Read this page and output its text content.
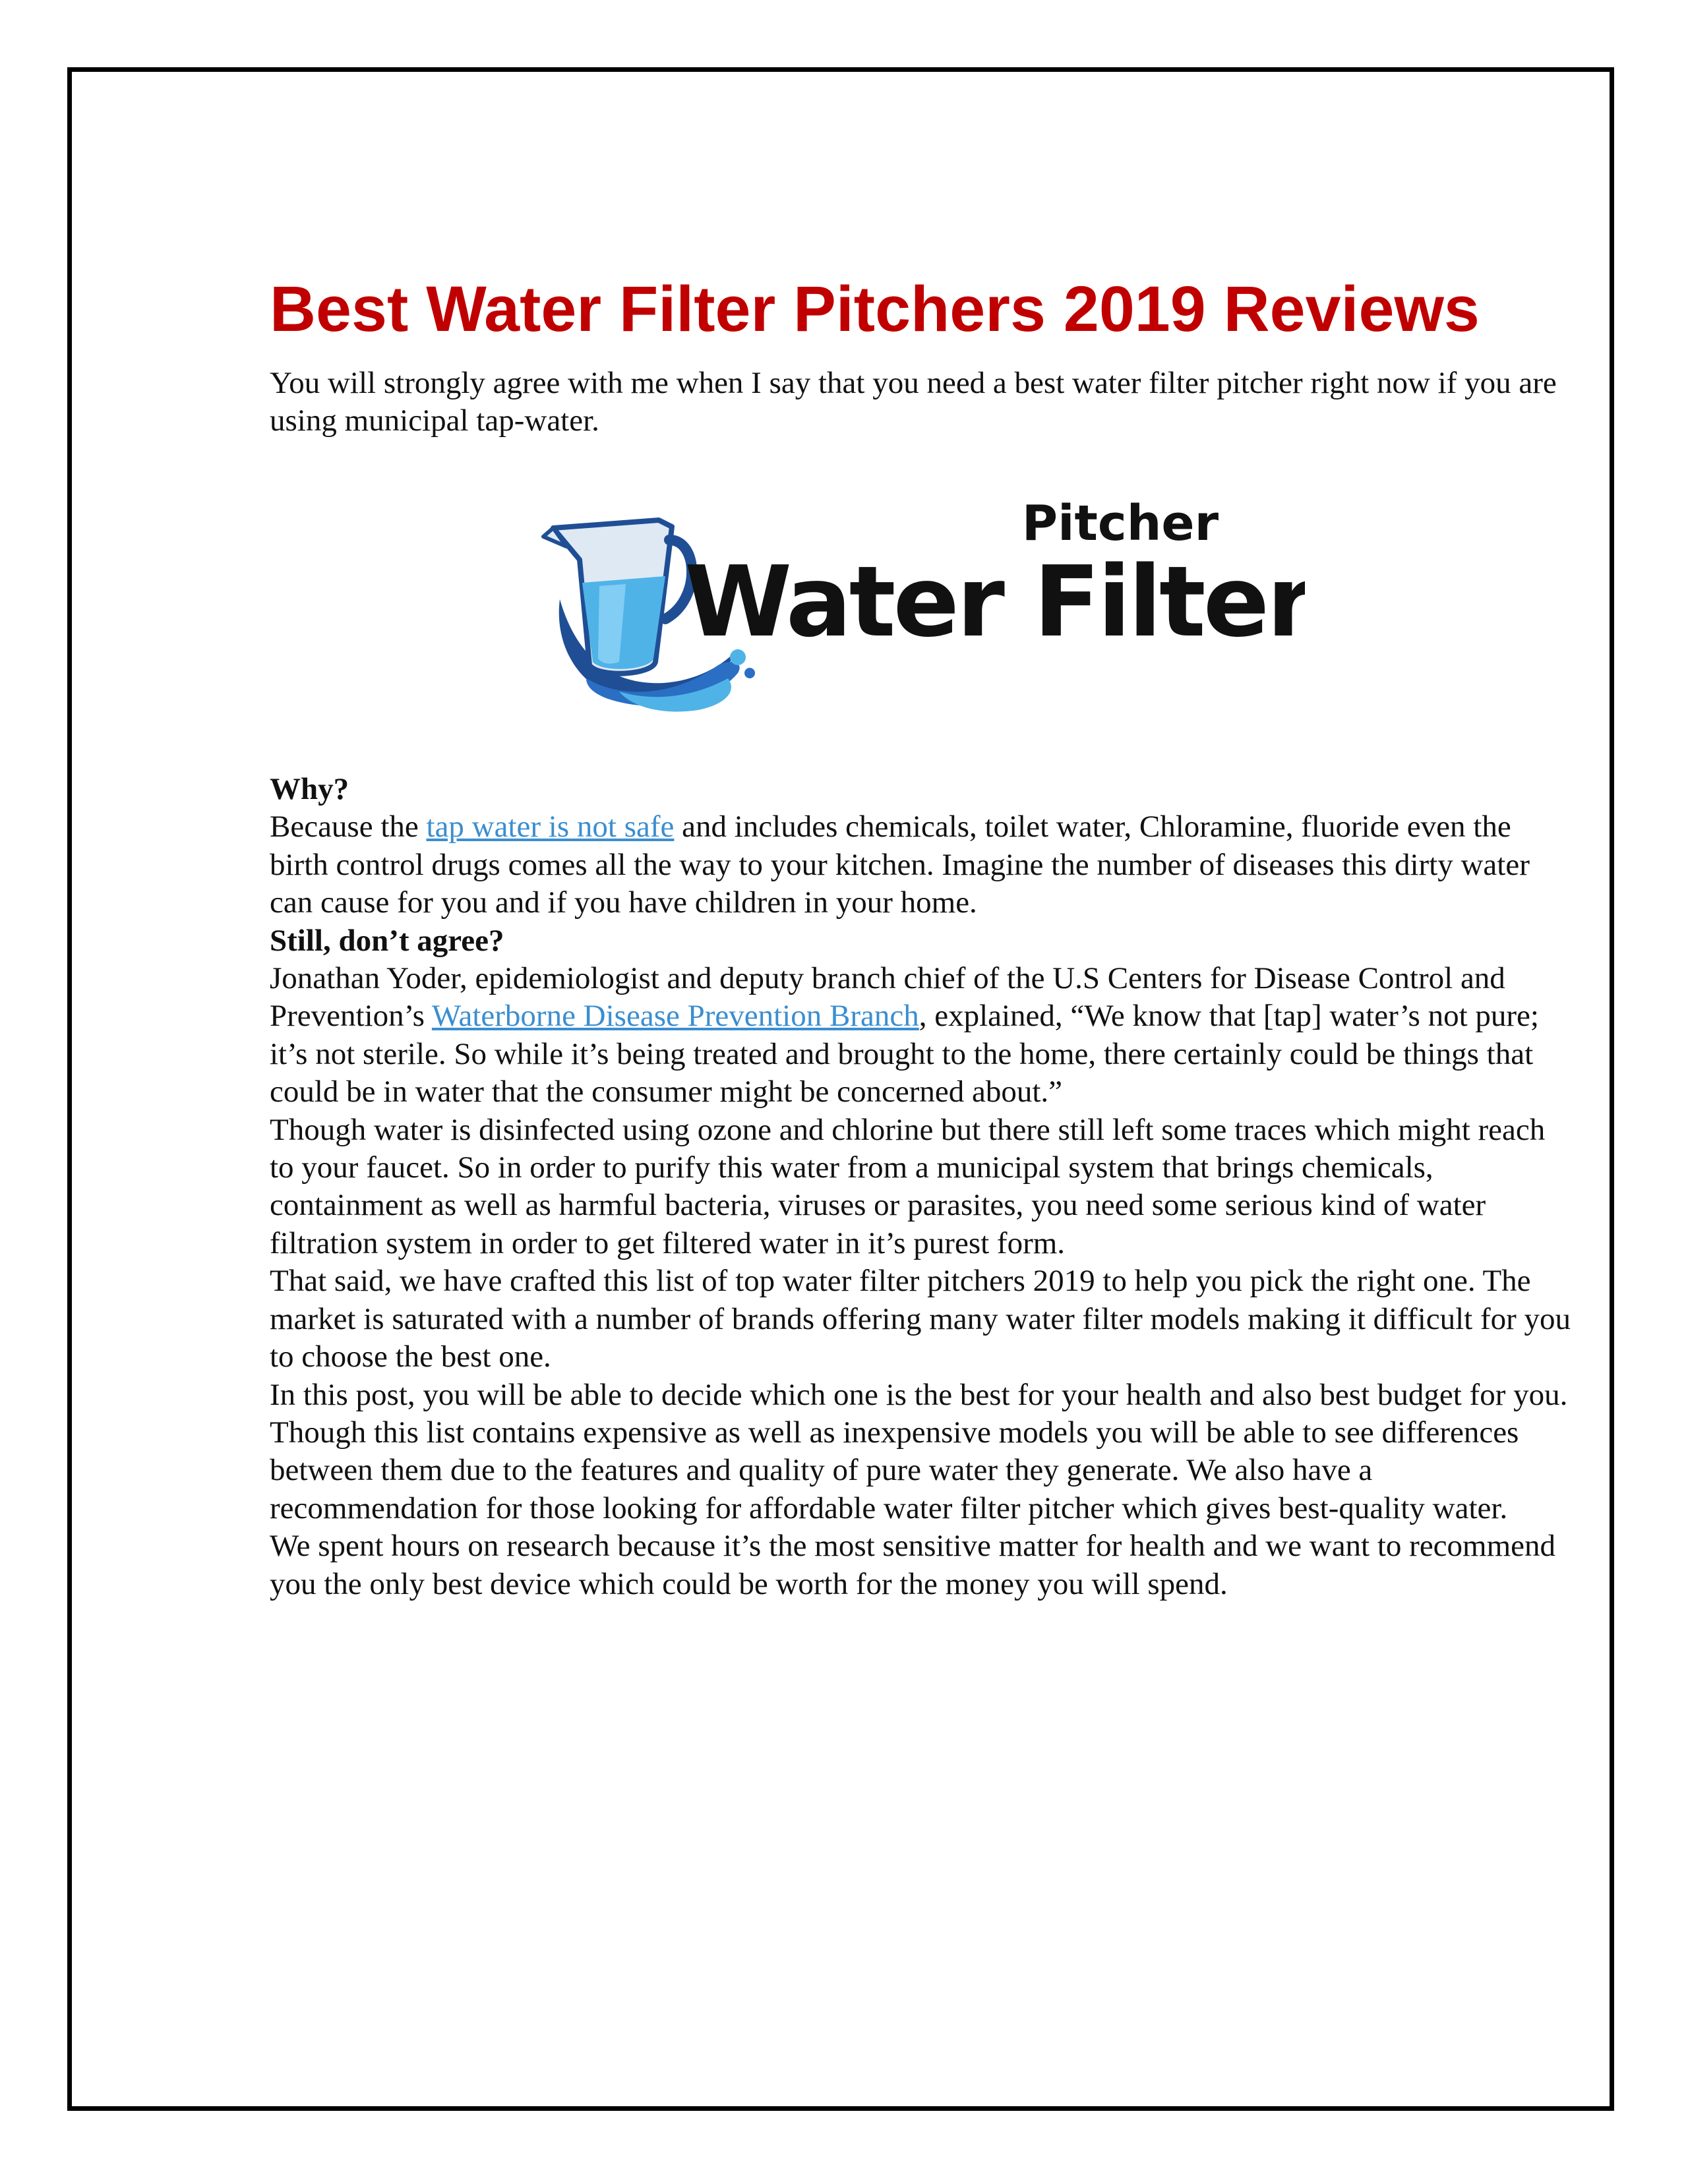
Best Water Filter Pitchers 2019 Reviews

You will strongly agree with me when I say that you need a best water filter pitcher right now if you are using municipal tap-water.

Pitcher
Water Filter

Why?

Because the tap water is not safe and includes chemicals, toilet water, Chloramine, fluoride even the birth control drugs comes all the way to your kitchen. Imagine the number of diseases this dirty water can cause for you and if you have children in your home.

Still, don’t agree?

Jonathan Yoder, epidemiologist and deputy branch chief of the U.S Centers for Disease Control and Prevention’s Waterborne Disease Prevention Branch, explained, “We know that [tap] water’s not pure; it’s not sterile. So while it’s being treated and brought to the home, there certainly could be things that could be in water that the consumer might be concerned about.”

Though water is disinfected using ozone and chlorine but there still left some traces which might reach to your faucet. So in order to purify this water from a municipal system that brings chemicals, containment as well as harmful bacteria, viruses or parasites, you need some serious kind of water filtration system in order to get filtered water in it’s purest form.

That said, we have crafted this list of top water filter pitchers 2019 to help you pick the right one. The market is saturated with a number of brands offering many water filter models making it difficult for you to choose the best one.

In this post, you will be able to decide which one is the best for your health and also best budget for you. Though this list contains expensive as well as inexpensive models you will be able to see differences between them due to the features and quality of pure water they generate. We also have a recommendation for those looking for affordable water filter pitcher which gives best-quality water.

We spent hours on research because it’s the most sensitive matter for health and we want to recommend you the only best device which could be worth for the money you will spend.
